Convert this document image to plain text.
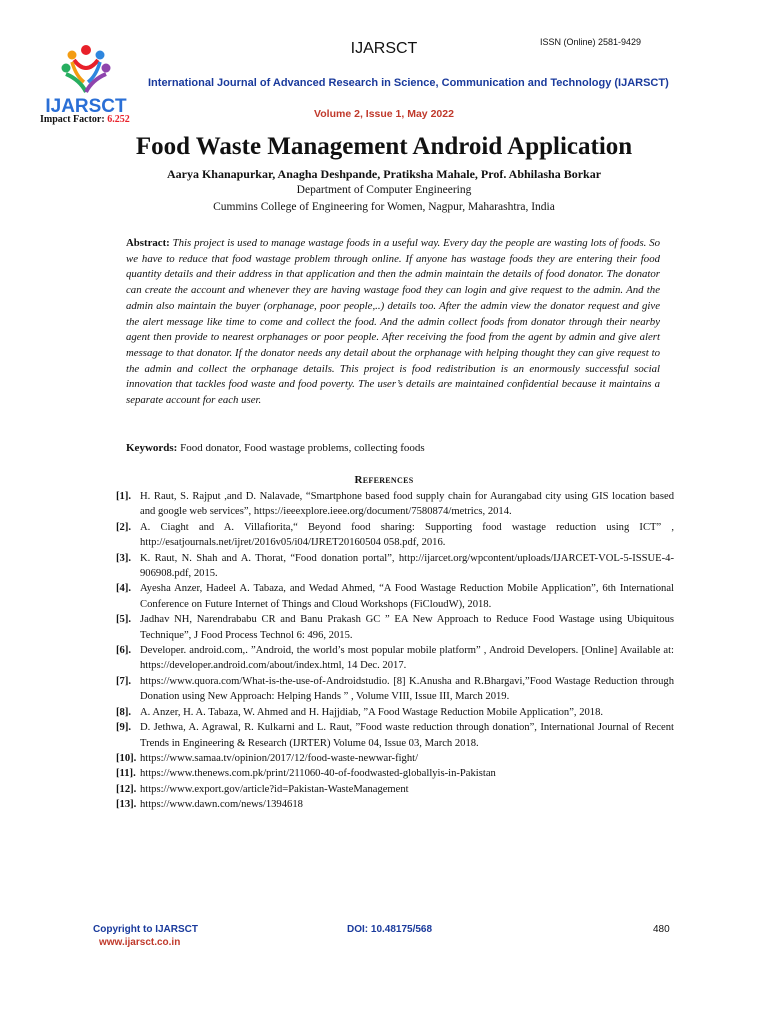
IJARSCT
Impact Factor: 6.252
IJARSCT	ISSN (Online) 2581-9429
International Journal of Advanced Research in Science, Communication and Technology (IJARSCT)
Volume 2, Issue 1, May 2022
Food Waste Management Android Application
Aarya Khanapurkar, Anagha Deshpande, Pratiksha Mahale, Prof. Abhilasha Borkar
Department of Computer Engineering
Cummins College of Engineering for Women, Nagpur, Maharashtra, India
Abstract: This project is used to manage wastage foods in a useful way. Every day the people are wasting lots of foods. So we have to reduce that food wastage problem through online. If anyone has wastage foods they are entering their food quantity details and their address in that application and then the admin maintain the details of food donator. The donator can create the account and whenever they are having wastage food they can login and give request to the admin. And the admin also maintain the buyer (orphanage, poor people,..) details too. After the admin view the donator request and give the alert message like time to come and collect the food. And the admin collect foods from donator through their nearby agent then provide to nearest orphanages or poor people. After receiving the food from the agent by admin and give alert message to that donator. If the donator needs any detail about the orphanage with helping thought they can give request to the admin and collect the orphanage details. This project is food redistribution is an enormously successful social innovation that tackles food waste and food poverty. The user’s details are maintained confidential because it maintains a separate account for each user.
Keywords: Food donator, Food wastage problems, collecting foods
References
[1]. H. Raut, S. Rajput ,and D. Nalavade, “Smartphone based food supply chain for Aurangabad city using GIS location based and google web services”, https://ieeexplore.ieee.org/document/7580874/metrics, 2014.
[2]. A. Ciaght and A. Villafiorita,“ Beyond food sharing: Supporting food wastage reduction using ICT” , http://esatjournals.net/ijret/2016v05/i04/IJRET20160504 058.pdf, 2016.
[3]. K. Raut, N. Shah and A. Thorat, “Food donation portal”, http://ijarcet.org/wpcontent/uploads/IJARCET-VOL-5-ISSUE-4-906908.pdf, 2015.
[4]. Ayesha Anzer, Hadeel A. Tabaza, and Wedad Ahmed, “A Food Wastage Reduction Mobile Application”, 6th International Conference on Future Internet of Things and Cloud Workshops (FiCloudW), 2018.
[5]. Jadhav NH, Narendrababu CR and Banu Prakash GC ” EA New Approach to Reduce Food Wastage using Ubiquitous Technique”, J Food Process Technol 6: 496, 2015.
[6]. Developer. android.com,. ”Android, the world’s most popular mobile platform” , Android Developers. [Online] Available at: https://developer.android.com/about/index.html, 14 Dec. 2017.
[7]. https://www.quora.com/What-is-the-use-of-Androidstudio. [8] K.Anusha and R.Bhargavi,”Food Wastage Reduction through Donation using New Approach: Helping Hands ” , Volume VIII, Issue III, March 2019.
[8]. A. Anzer, H. A. Tabaza, W. Ahmed and H. Hajjdiab, ”A Food Wastage Reduction Mobile Application”, 2018.
[9]. D. Jethwa, A. Agrawal, R. Kulkarni and L. Raut, ”Food waste reduction through donation”, International Journal of Recent Trends in Engineering & Research (IJRTER) Volume 04, Issue 03, March 2018.
[10]. https://www.samaa.tv/opinion/2017/12/food-waste-newwar-fight/
[11]. https://www.thenews.com.pk/print/211060-40-of-foodwasted-globallyis-in-Pakistan
[12]. https://www.export.gov/article?id=Pakistan-WasteManagement
[13]. https://www.dawn.com/news/1394618
Copyright to IJARSCT
www.ijarsct.co.in
DOI: 10.48175/568	480
